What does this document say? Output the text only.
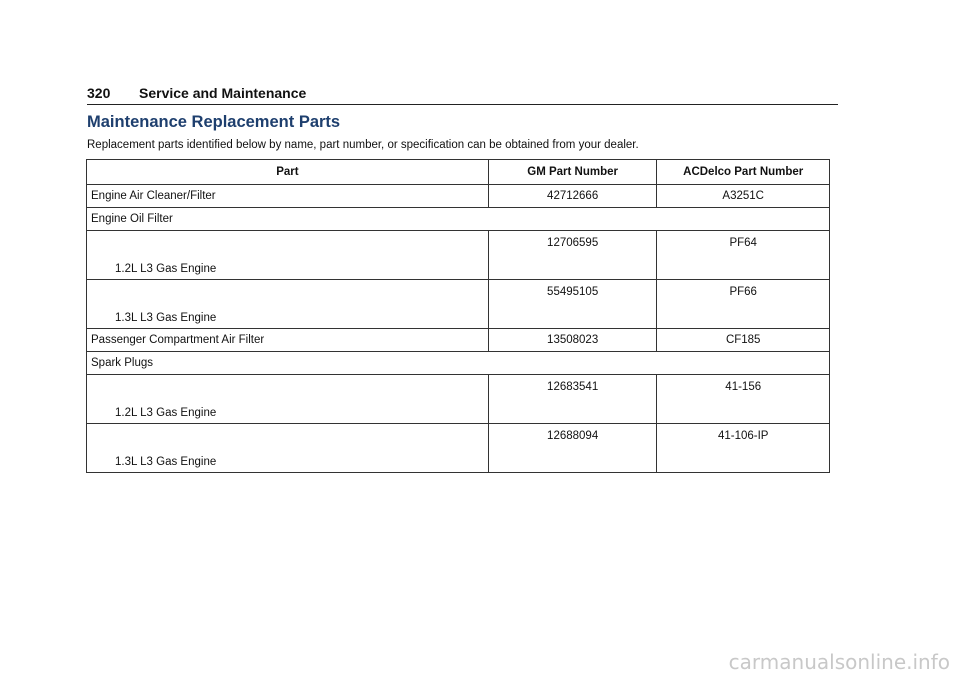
320 Service and Maintenance
Maintenance Replacement Parts
Replacement parts identified below by name, part number, or specification can be obtained from your dealer.
Part	GM Part Number	ACDelco Part Number
Engine Air Cleaner/Filter	42712666	A3251C
Engine Oil Filter		
1.2L L3 Gas Engine	12706595	PF64
1.3L L3 Gas Engine	55495105	PF66
Passenger Compartment Air Filter	13508023	CF185
Spark Plugs		
1.2L L3 Gas Engine	12683541	41-156
1.3L L3 Gas Engine	12688094	41-106-IP
carmanualsonline.info
